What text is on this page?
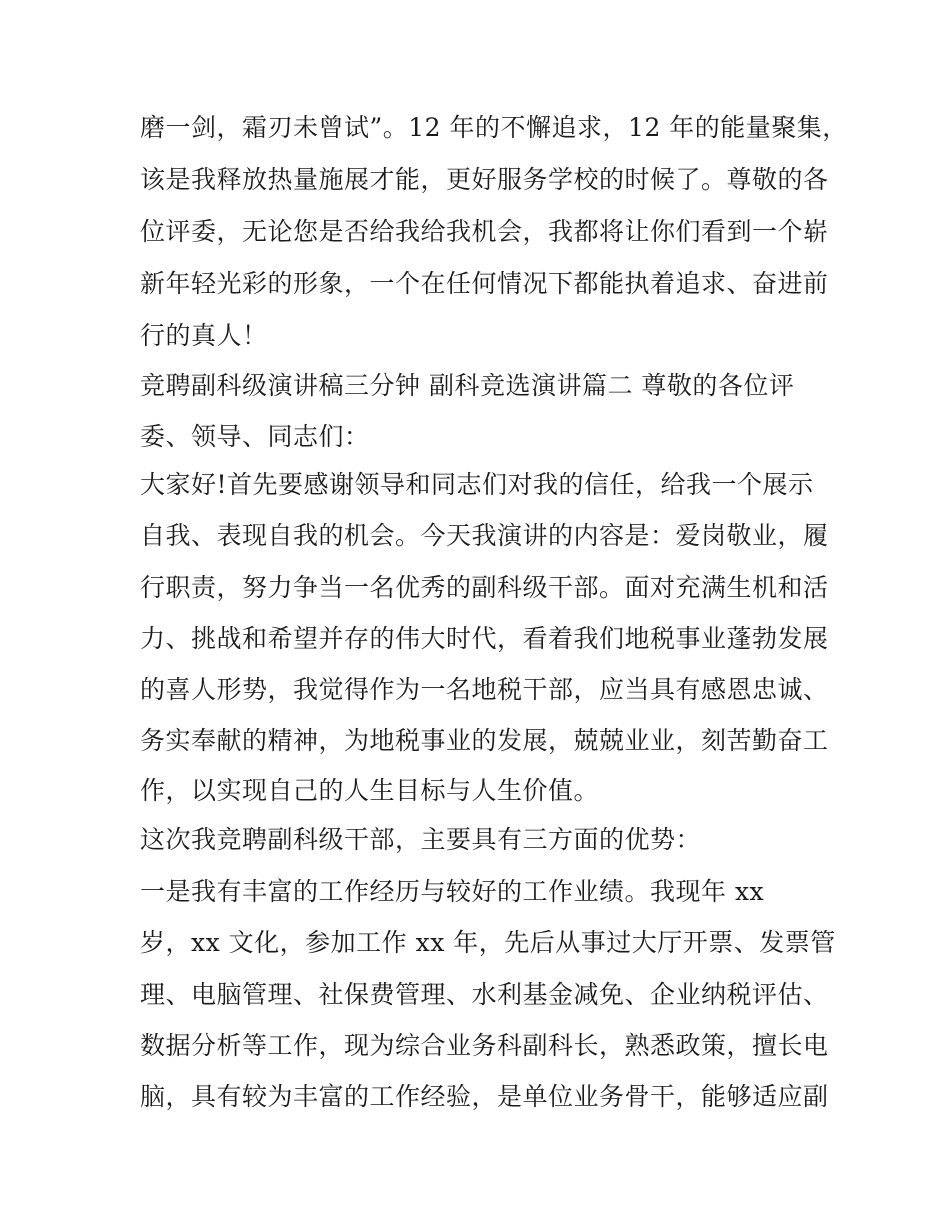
磨一剑，霜刃未曾试”。12 年的不懈追求，12 年的能量聚集，

该是我释放热量施展才能，更好服务学校的时候了。尊敬的各

位评委，无论您是否给我给我机会，我都将让你们看到一个崭

新年轻光彩的形象，一个在任何情况下都能执着追求、奋进前

行的真人！

竞聘副科级演讲稿三分钟 副科竞选演讲篇二 尊敬的各位评

委、领导、同志们：

大家好!首先要感谢领导和同志们对我的信任，给我一个展示

自我、表现自我的机会。今天我演讲的内容是：爱岗敬业，履

行职责，努力争当一名优秀的副科级干部。面对充满生机和活

力、挑战和希望并存的伟大时代，看着我们地税事业蓬勃发展

的喜人形势，我觉得作为一名地税干部，应当具有感恩忠诚、

务实奉献的精神，为地税事业的发展，兢兢业业，刻苦勤奋工

作，以实现自己的人生目标与人生价值。

这次我竞聘副科级干部，主要具有三方面的优势：

一是我有丰富的工作经历与较好的工作业绩。我现年 xx

岁，xx 文化，参加工作 xx 年，先后从事过大厅开票、发票管

理、电脑管理、社保费管理、水利基金减免、企业纳税评估、

数据分析等工作，现为综合业务科副科长，熟悉政策，擅长电

脑，具有较为丰富的工作经验，是单位业务骨干，能够适应副
